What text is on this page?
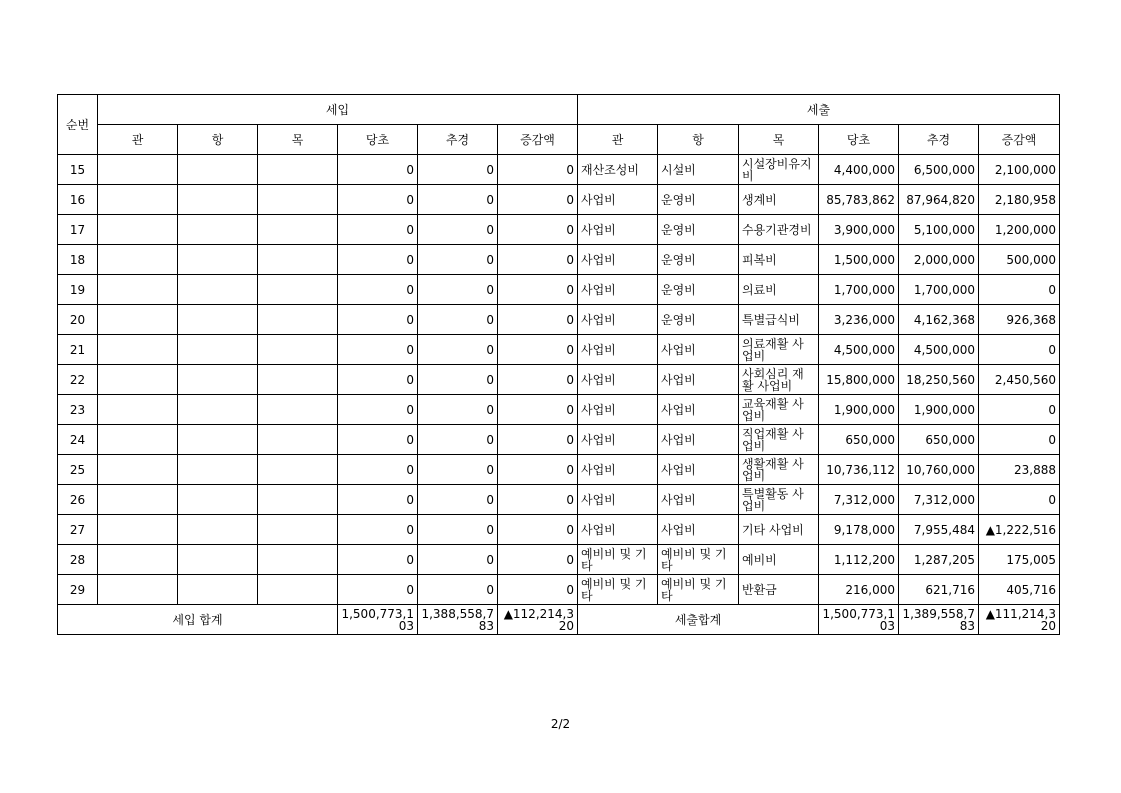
순번	세입						세출					
	관	항	목	당초	추경	증감액	관	항	목	당초	추경	증감액
15				0	0	0	재산조성비	시설비	시설장비유지비	4,400,000	6,500,000	2,100,000
16				0	0	0	사업비	운영비	생계비	85,783,862	87,964,820	2,180,958
17				0	0	0	사업비	운영비	수용기관경비	3,900,000	5,100,000	1,200,000
18				0	0	0	사업비	운영비	피복비	1,500,000	2,000,000	500,000
19				0	0	0	사업비	운영비	의료비	1,700,000	1,700,000	0
20				0	0	0	사업비	운영비	특별급식비	3,236,000	4,162,368	926,368
21				0	0	0	사업비	사업비	의료재활 사업비	4,500,000	4,500,000	0
22				0	0	0	사업비	사업비	사회심리 재활 사업비	15,800,000	18,250,560	2,450,560
23				0	0	0	사업비	사업비	교육재활 사업비	1,900,000	1,900,000	0
24				0	0	0	사업비	사업비	직업재활 사업비	650,000	650,000	0
25				0	0	0	사업비	사업비	생활재활 사업비	10,736,112	10,760,000	23,888
26				0	0	0	사업비	사업비	특별활동 사업비	7,312,000	7,312,000	0
27				0	0	0	사업비	사업비	기타 사업비	9,178,000	7,955,484	▲1,222,516
28				0	0	0	예비비 및 기타	예비비 및 기타	예비비	1,112,200	1,287,205	175,005
29				0	0	0	예비비 및 기타	예비비 및 기타	반환금	216,000	621,716	405,716
세입 합계				1,500,773,103	1,388,558,783	▲112,214,320	세출합계			1,500,773,103	1,389,558,783	▲111,214,320
2/2
